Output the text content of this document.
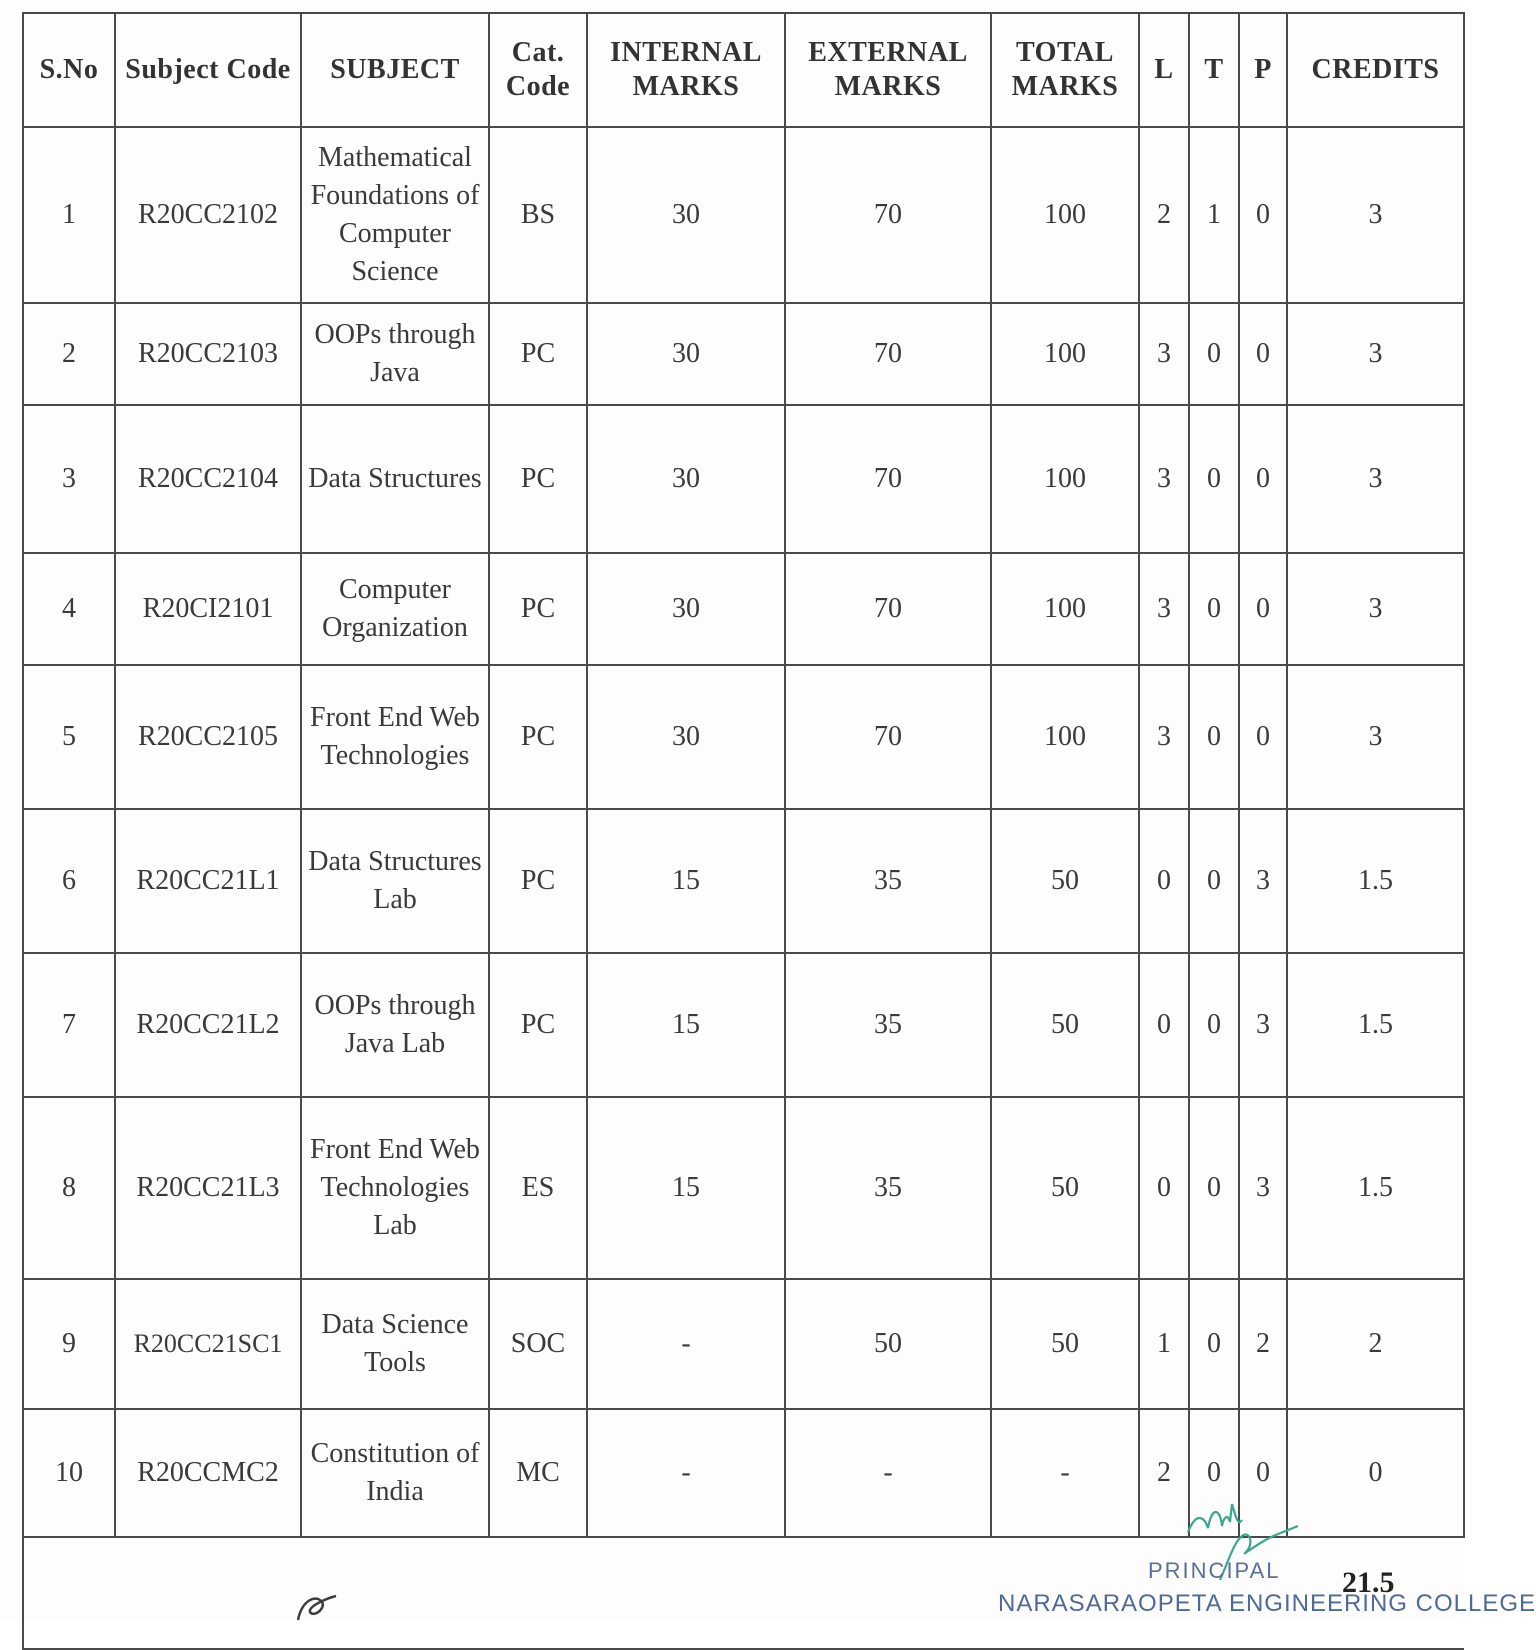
S.No	Subject Code	SUBJECT	Cat. Code	INTERNAL MARKS	EXTERNAL MARKS	TOTAL MARKS	L	T	P	CREDITS
1	R20CC2102	Mathematical Foundations of Computer Science	BS	30	70	100	2	1	0	3
2	R20CC2103	OOPs through Java	PC	30	70	100	3	0	0	3
3	R20CC2104	Data Structures	PC	30	70	100	3	0	0	3
4	R20CI2101	Computer Organization	PC	30	70	100	3	0	0	3
5	R20CC2105	Front End Web Technologies	PC	30	70	100	3	0	0	3
6	R20CC21L1	Data Structures Lab	PC	15	35	50	0	0	3	1.5
7	R20CC21L2	OOPs through Java Lab	PC	15	35	50	0	0	3	1.5
8	R20CC21L3	Front End Web Technologies Lab	ES	15	35	50	0	0	3	1.5
9	R20CC21SC1	Data Science Tools	SOC	-	50	50	1	0	2	2
10	R20CCMC2	Constitution of India	MC	-	-	-	2	0	0	0

PRINCIPAL 21.5
NARASARAOPETA ENGINEERING COLLEGE
